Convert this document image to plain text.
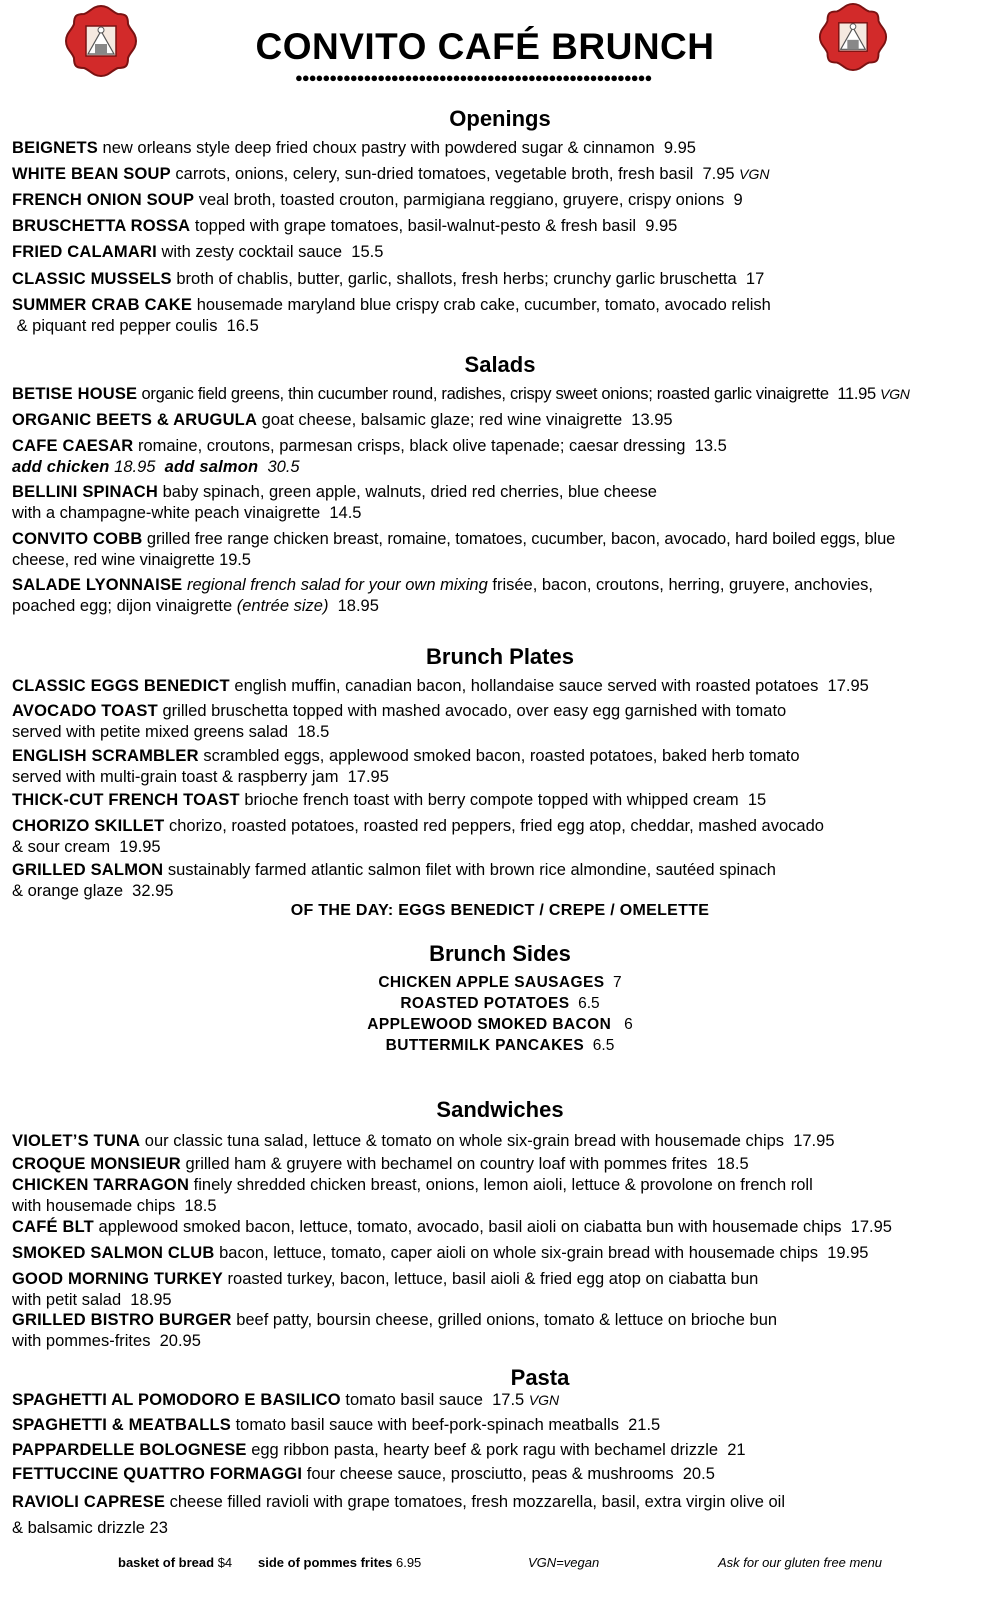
CONVITO CAFÉ BRUNCH
●●●●●●●●●●●●●●●●●●●●●●●●●●●●●●●●●●●●●●●●●●●●●●●●●●●●
Openings
BEIGNETS new orleans style deep fried choux pastry with powdered sugar & cinnamon  9.95
WHITE BEAN SOUP carrots, onions, celery, sun-dried tomatoes, vegetable broth, fresh basil  7.95 VGN
FRENCH ONION SOUP veal broth, toasted crouton, parmigiana reggiano, gruyere, crispy onions  9
BRUSCHETTA ROSSA topped with grape tomatoes, basil-walnut-pesto & fresh basil  9.95
FRIED CALAMARI with zesty cocktail sauce  15.5
CLASSIC MUSSELS broth of chablis, butter, garlic, shallots, fresh herbs; crunchy garlic bruschetta  17
SUMMER CRAB CAKE housemade maryland blue crispy crab cake, cucumber, tomato, avocado relish
& piquant red pepper coulis  16.5
Salads
BETISE HOUSE organic field greens, thin cucumber round, radishes, crispy sweet onions; roasted garlic vinaigrette  11.95 VGN
ORGANIC BEETS & ARUGULA goat cheese, balsamic glaze; red wine vinaigrette  13.95
CAFE CAESAR romaine, croutons, parmesan crisps, black olive tapenade; caesar dressing  13.5
add chicken 18.95  add salmon  30.5
BELLINI SPINACH baby spinach, green apple, walnuts, dried red cherries, blue cheese
with a champagne-white peach vinaigrette  14.5
CONVITO COBB grilled free range chicken breast, romaine, tomatoes, cucumber, bacon, avocado, hard boiled eggs, blue
cheese, red wine vinaigrette 19.5
SALADE LYONNAISE regional french salad for your own mixing frisée, bacon, croutons, herring, gruyere, anchovies,
poached egg; dijon vinaigrette (entrée size)  18.95
Brunch Plates
CLASSIC EGGS BENEDICT english muffin, canadian bacon, hollandaise sauce served with roasted potatoes  17.95
AVOCADO TOAST grilled bruschetta topped with mashed avocado, over easy egg garnished with tomato
served with petite mixed greens salad  18.5
ENGLISH SCRAMBLER scrambled eggs, applewood smoked bacon, roasted potatoes, baked herb tomato
served with multi-grain toast & raspberry jam  17.95
THICK-CUT FRENCH TOAST brioche french toast with berry compote topped with whipped cream  15
CHORIZO SKILLET chorizo, roasted potatoes, roasted red peppers, fried egg atop, cheddar, mashed avocado
& sour cream  19.95
GRILLED SALMON sustainably farmed atlantic salmon filet with brown rice almondine, sautéed spinach
& orange glaze  32.95
OF THE DAY: EGGS BENEDICT / CREPE / OMELETTE
Brunch Sides
CHICKEN APPLE SAUSAGES  7
ROASTED POTATOES  6.5
APPLEWOOD SMOKED BACON   6
BUTTERMILK PANCAKES  6.5
Sandwiches
VIOLET’S TUNA our classic tuna salad, lettuce & tomato on whole six-grain bread with housemade chips  17.95
CROQUE MONSIEUR grilled ham & gruyere with bechamel on country loaf with pommes frites  18.5
CHICKEN TARRAGON finely shredded chicken breast, onions, lemon aioli, lettuce & provolone on french roll
with housemade chips  18.5
CAFÉ BLT applewood smoked bacon, lettuce, tomato, avocado, basil aioli on ciabatta bun with housemade chips  17.95
SMOKED SALMON CLUB bacon, lettuce, tomato, caper aioli on whole six-grain bread with housemade chips  19.95
GOOD MORNING TURKEY roasted turkey, bacon, lettuce, basil aioli & fried egg atop on ciabatta bun
with petit salad  18.95
GRILLED BISTRO BURGER beef patty, boursin cheese, grilled onions, tomato & lettuce on brioche bun
with pommes-frites  20.95
Pasta
SPAGHETTI AL POMODORO E BASILICO tomato basil sauce  17.5 VGN
SPAGHETTI & MEATBALLS tomato basil sauce with beef-pork-spinach meatballs  21.5
PAPPARDELLE BOLOGNESE egg ribbon pasta, hearty beef & pork ragu with bechamel drizzle  21
FETTUCCINE QUATTRO FORMAGGI four cheese sauce, prosciutto, peas & mushrooms  20.5
RAVIOLI CAPRESE cheese filled ravioli with grape tomatoes, fresh mozzarella, basil, extra virgin olive oil
& balsamic drizzle 23
basket of bread $4 side of pommes frites 6.95	VGN=vegan	Ask for our gluten free menu
